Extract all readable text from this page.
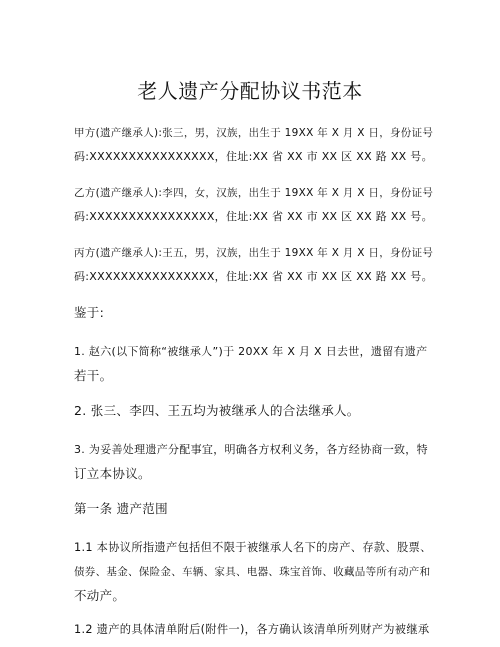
老人遗产分配协议书范本

甲方(遗产继承人):张三，男，汉族，出生于 19XX 年 X 月 X 日，身份证号
码:XXXXXXXXXXXXXXXX，住址:XX 省 XX 市 XX 区 XX 路 XX 号。

乙方(遗产继承人):李四，女，汉族，出生于 19XX 年 X 月 X 日，身份证号
码:XXXXXXXXXXXXXXXX，住址:XX 省 XX 市 XX 区 XX 路 XX 号。

丙方(遗产继承人):王五，男，汉族，出生于 19XX 年 X 月 X 日，身份证号
码:XXXXXXXXXXXXXXXX，住址:XX 省 XX 市 XX 区 XX 路 XX 号。

鉴于:

1. 赵六(以下简称“被继承人”)于 20XX 年 X 月 X 日去世，遗留有遗产
若干。

2. 张三、李四、王五均为被继承人的合法继承人。

3. 为妥善处理遗产分配事宜，明确各方权利义务，各方经协商一致，特
订立本协议。

第一条 遗产范围

1.1 本协议所指遗产包括但不限于被继承人名下的房产、存款、股票、
债券、基金、保险金、车辆、家具、电器、珠宝首饰、收藏品等所有动产和
不动产。

1.2 遗产的具体清单附后(附件一)，各方确认该清单所列财产为被继承
